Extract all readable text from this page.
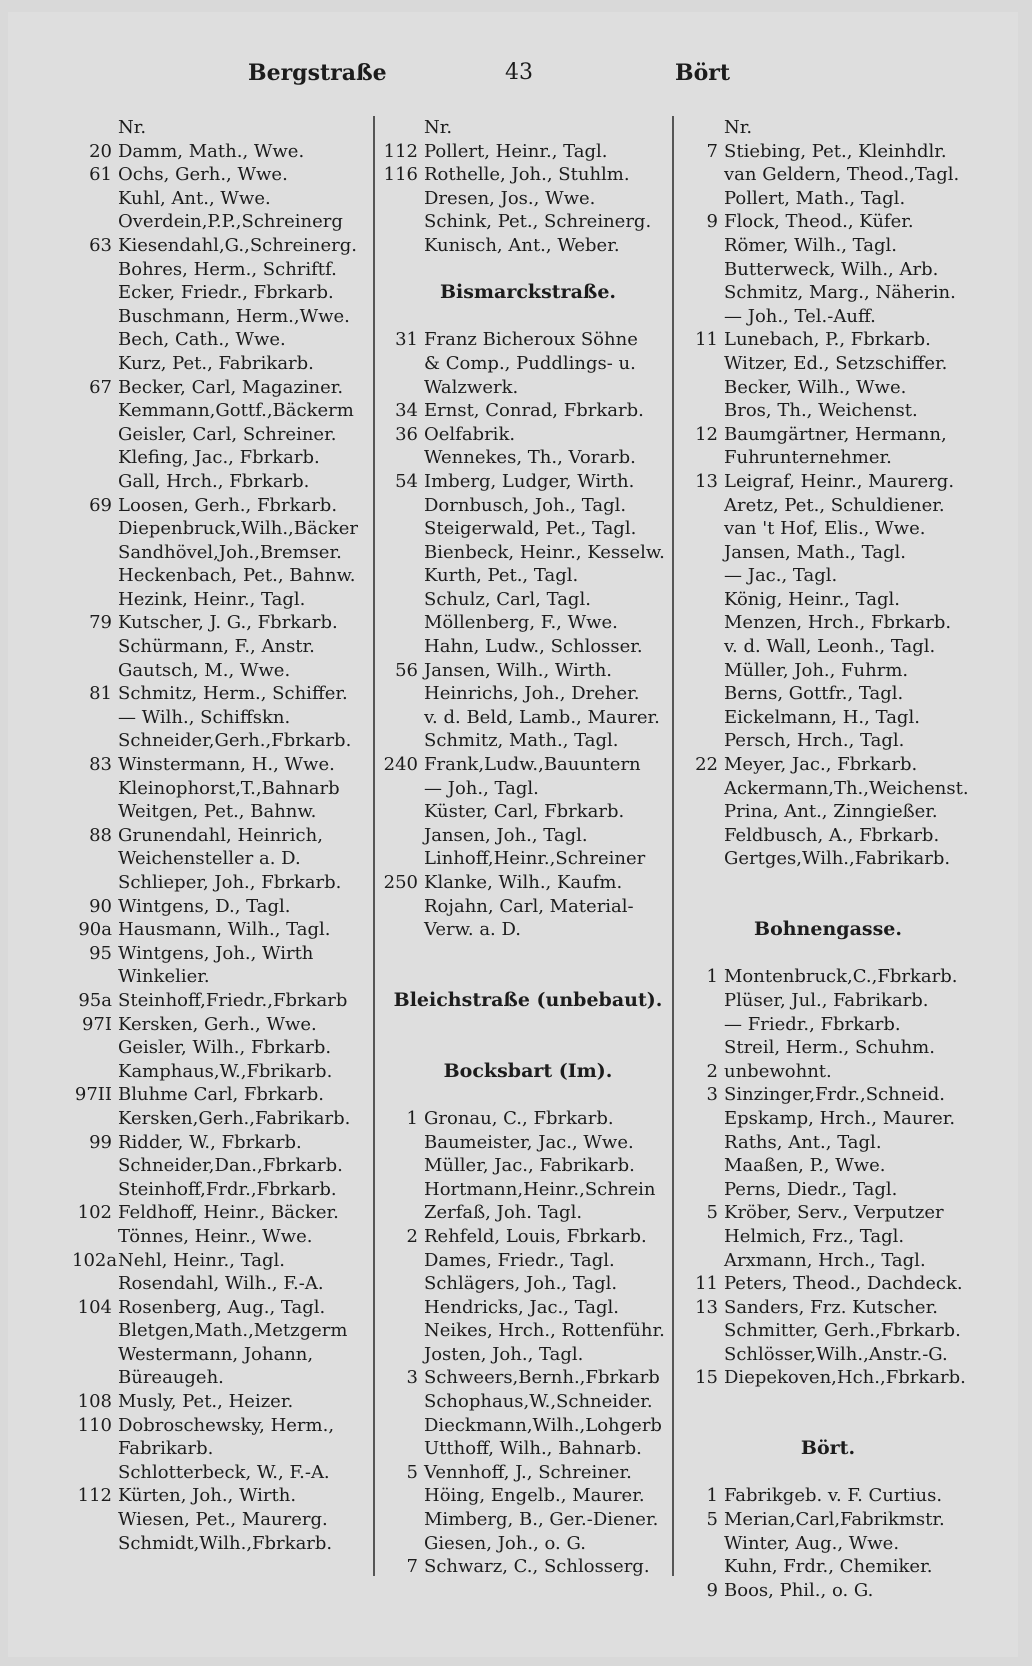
Bergstraße	43	Bört
Nr.
20 Damm, Math., Wwe.
61 Ochs, Gerh., Wwe.
Kuhl, Ant., Wwe.
Overdein,P.P.,Schreinerg
63 Kiesendahl,G.,Schreinerg.
Bohres, Herm., Schriftf.
Ecker, Friedr., Fbrkarb.
Buschmann, Herm.,Wwe.
Bech, Cath., Wwe.
Kurz, Pet., Fabrikarb.
67 Becker, Carl, Magaziner.
Kemmann,Gottf.,Bäckerm
Geisler, Carl, Schreiner.
Klefing, Jac., Fbrkarb.
Gall, Hrch., Fbrkarb.
69 Loosen, Gerh., Fbrkarb.
Diepenbruck,Wilh.,Bäcker
Sandhövel,Joh.,Bremser.
Heckenbach, Pet., Bahnw.
Hezink, Heinr., Tagl.
79 Kutscher, J. G., Fbrkarb.
Schürmann, F., Anstr.
Gautsch, M., Wwe.
81 Schmitz, Herm., Schiffer.
— Wilh., Schiffskn.
Schneider,Gerh.,Fbrkarb.
83 Winstermann, H., Wwe.
Kleinophorst,T.,Bahnarb
Weitgen, Pet., Bahnw.
88 Grunendahl, Heinrich,
Weichensteller a. D.
Schlieper, Joh., Fbrkarb.
90 Wintgens, D., Tagl.
90a Hausmann, Wilh., Tagl.
95 Wintgens, Joh., Wirth
Winkelier.
95a Steinhoff,Friedr.,Fbrkarb
97I Kersken, Gerh., Wwe.
Geisler, Wilh., Fbrkarb.
Kamphaus,W.,Fbrikarb.
97II Bluhme Carl, Fbrkarb.
Kersken,Gerh.,Fabrikarb.
99 Ridder, W., Fbrkarb.
Schneider,Dan.,Fbrkarb.
Steinhoff,Frdr.,Fbrkarb.
102 Feldhoff, Heinr., Bäcker.
Tönnes, Heinr., Wwe.
102aNehl, Heinr., Tagl.
Rosendahl, Wilh., F.-A.
104 Rosenberg, Aug., Tagl.
Bletgen,Math.,Metzgerm
Westermann, Johann,
Büreaugeh.
108 Musly, Pet., Heizer.
110 Dobroschewsky, Herm.,
Fabrikarb.
Schlotterbeck, W., F.-A.
112 Kürten, Joh., Wirth.
Wiesen, Pet., Maurerg.
Schmidt,Wilh.,Fbrkarb.
Nr.
112 Pollert, Heinr., Tagl.
116 Rothelle, Joh., Stuhlm.
Dresen, Jos., Wwe.
Schink, Pet., Schreinerg.
Kunisch, Ant., Weber.
Bismarckstraße.
31 Franz Bicheroux Söhne
& Comp., Puddlings- u.
Walzwerk.
34 Ernst, Conrad, Fbrkarb.
36 Oelfabrik.
Wennekes, Th., Vorarb.
54 Imberg, Ludger, Wirth.
Dornbusch, Joh., Tagl.
Steigerwald, Pet., Tagl.
Bienbeck, Heinr., Kesselw.
Kurth, Pet., Tagl.
Schulz, Carl, Tagl.
Möllenberg, F., Wwe.
Hahn, Ludw., Schlosser.
56 Jansen, Wilh., Wirth.
Heinrichs, Joh., Dreher.
v. d. Beld, Lamb., Maurer.
Schmitz, Math., Tagl.
240 Frank,Ludw.,Bauuntern
— Joh., Tagl.
Küster, Carl, Fbrkarb.
Jansen, Joh., Tagl.
Linhoff,Heinr.,Schreiner
250 Klanke, Wilh., Kaufm.
Rojahn, Carl, Material-
Verw. a. D.
Bleichstraße (unbebaut).
Bocksbart (Im).
1 Gronau, C., Fbrkarb.
Baumeister, Jac., Wwe.
Müller, Jac., Fabrikarb.
Hortmann,Heinr.,Schrein
Zerfaß, Joh. Tagl.
2 Rehfeld, Louis, Fbrkarb.
Dames, Friedr., Tagl.
Schlägers, Joh., Tagl.
Hendricks, Jac., Tagl.
Neikes, Hrch., Rottenführ.
Josten, Joh., Tagl.
3 Schweers,Bernh.,Fbrkarb
Schophaus,W.,Schneider.
Dieckmann,Wilh.,Lohgerb
Utthoff, Wilh., Bahnarb.
5 Vennhoff, J., Schreiner.
Höing, Engelb., Maurer.
Mimberg, B., Ger.-Diener.
Giesen, Joh., o. G.
7 Schwarz, C., Schlosserg.
Nr.
7 Stiebing, Pet., Kleinhdlr.
van Geldern, Theod.,Tagl.
Pollert, Math., Tagl.
9 Flock, Theod., Küfer.
Römer, Wilh., Tagl.
Butterweck, Wilh., Arb.
Schmitz, Marg., Näherin.
— Joh., Tel.-Auff.
11 Lunebach, P., Fbrkarb.
Witzer, Ed., Setzschiffer.
Becker, Wilh., Wwe.
Bros, Th., Weichenst.
12 Baumgärtner, Hermann,
Fuhrunternehmer.
13 Leigraf, Heinr., Maurerg.
Aretz, Pet., Schuldiener.
van 't Hof, Elis., Wwe.
Jansen, Math., Tagl.
— Jac., Tagl.
König, Heinr., Tagl.
Menzen, Hrch., Fbrkarb.
v. d. Wall, Leonh., Tagl.
Müller, Joh., Fuhrm.
Berns, Gottfr., Tagl.
Eickelmann, H., Tagl.
Persch, Hrch., Tagl.
22 Meyer, Jac., Fbrkarb.
Ackermann,Th.,Weichenst.
Prina, Ant., Zinngießer.
Feldbusch, A., Fbrkarb.
Gertges,Wilh.,Fabrikarb.
Bohnengasse.
1 Montenbruck,C.,Fbrkarb.
Plüser, Jul., Fabrikarb.
— Friedr., Fbrkarb.
Streil, Herm., Schuhm.
2 unbewohnt.
3 Sinzinger,Frdr.,Schneid.
Epskamp, Hrch., Maurer.
Raths, Ant., Tagl.
Maaßen, P., Wwe.
Perns, Diedr., Tagl.
5 Kröber, Serv., Verputzer
Helmich, Frz., Tagl.
Arxmann, Hrch., Tagl.
11 Peters, Theod., Dachdeck.
13 Sanders, Frz. Kutscher.
Schmitter, Gerh.,Fbrkarb.
Schlösser,Wilh.,Anstr.-G.
15 Diepekoven,Hch.,Fbrkarb.
Bört.
1 Fabrikgeb. v. F. Curtius.
5 Merian,Carl,Fabrikmstr.
Winter, Aug., Wwe.
Kuhn, Frdr., Chemiker.
9 Boos, Phil., o. G.
